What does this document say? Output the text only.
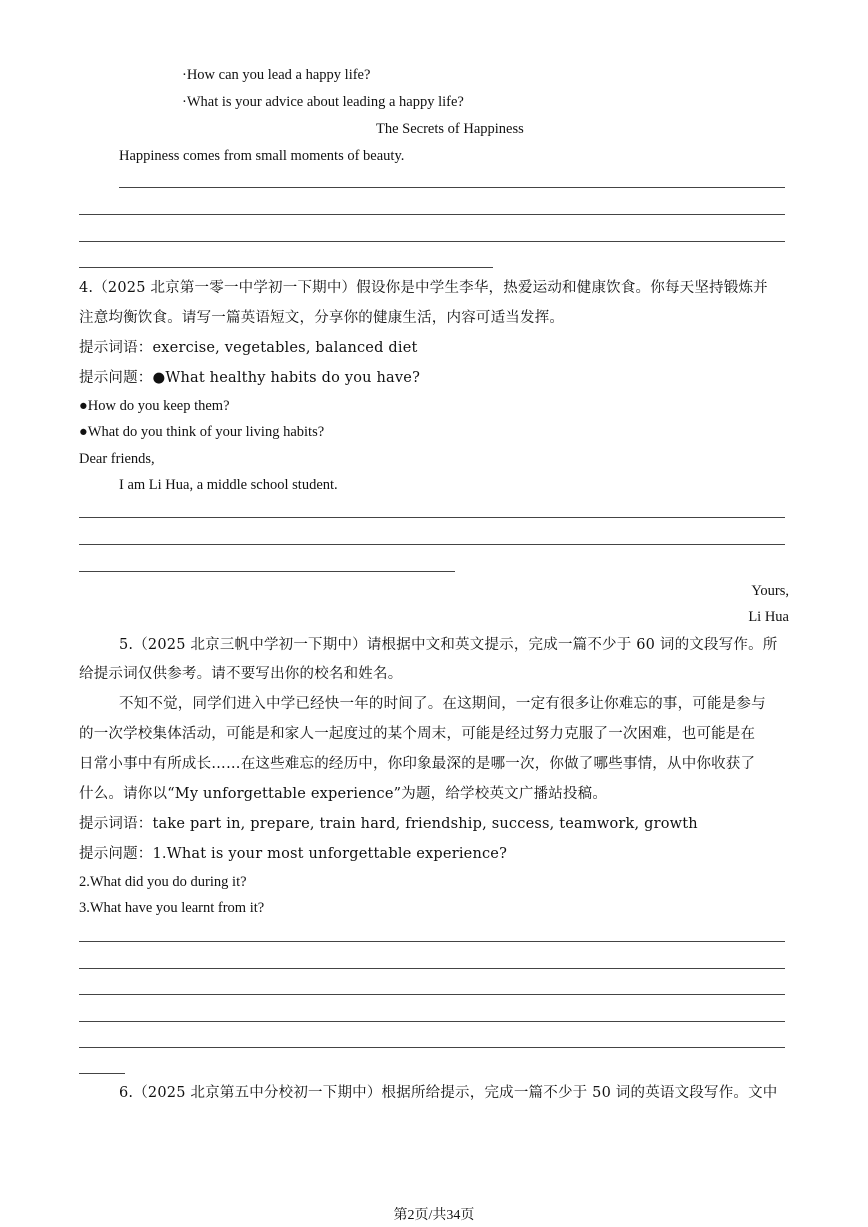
·How can you lead a happy life?
·What is your advice about leading a happy life?
The Secrets of Happiness
Happiness comes from small moments of beauty.
4.（2025 北京第一零一中学初一下期中）假设你是中学生李华，热爱运动和健康饮食。你每天坚持锻炼并
注意均衡饮食。请写一篇英语短文，分享你的健康生活，内容可适当发挥。
提示词语：exercise, vegetables, balanced diet
提示问题：●What healthy habits do you have?
●How do you keep them?
●What do you think of your living habits?
Dear friends,
I am Li Hua, a middle school student.
Yours,
Li Hua
5.（2025 北京三帆中学初一下期中）请根据中文和英文提示，完成一篇不少于 60 词的文段写作。所
给提示词仅供参考。请不要写出你的校名和姓名。
不知不觉，同学们进入中学已经快一年的时间了。在这期间，一定有很多让你难忘的事，可能是参与
的一次学校集体活动，可能是和家人一起度过的某个周末，可能是经过努力克服了一次困难，也可能是在
日常小事中有所成长……在这些难忘的经历中，你印象最深的是哪一次，你做了哪些事情，从中你收获了
什么。请你以“My unforgettable experience”为题，给学校英文广播站投稿。
提示词语：take part in, prepare, train hard, friendship, success, teamwork, growth
提示问题：1.What is your most unforgettable experience?
2.What did you do during it?
3.What have you learnt from it?
6.（2025 北京第五中分校初一下期中）根据所给提示，完成一篇不少于 50 词的英语文段写作。文中
第2页/共34页
